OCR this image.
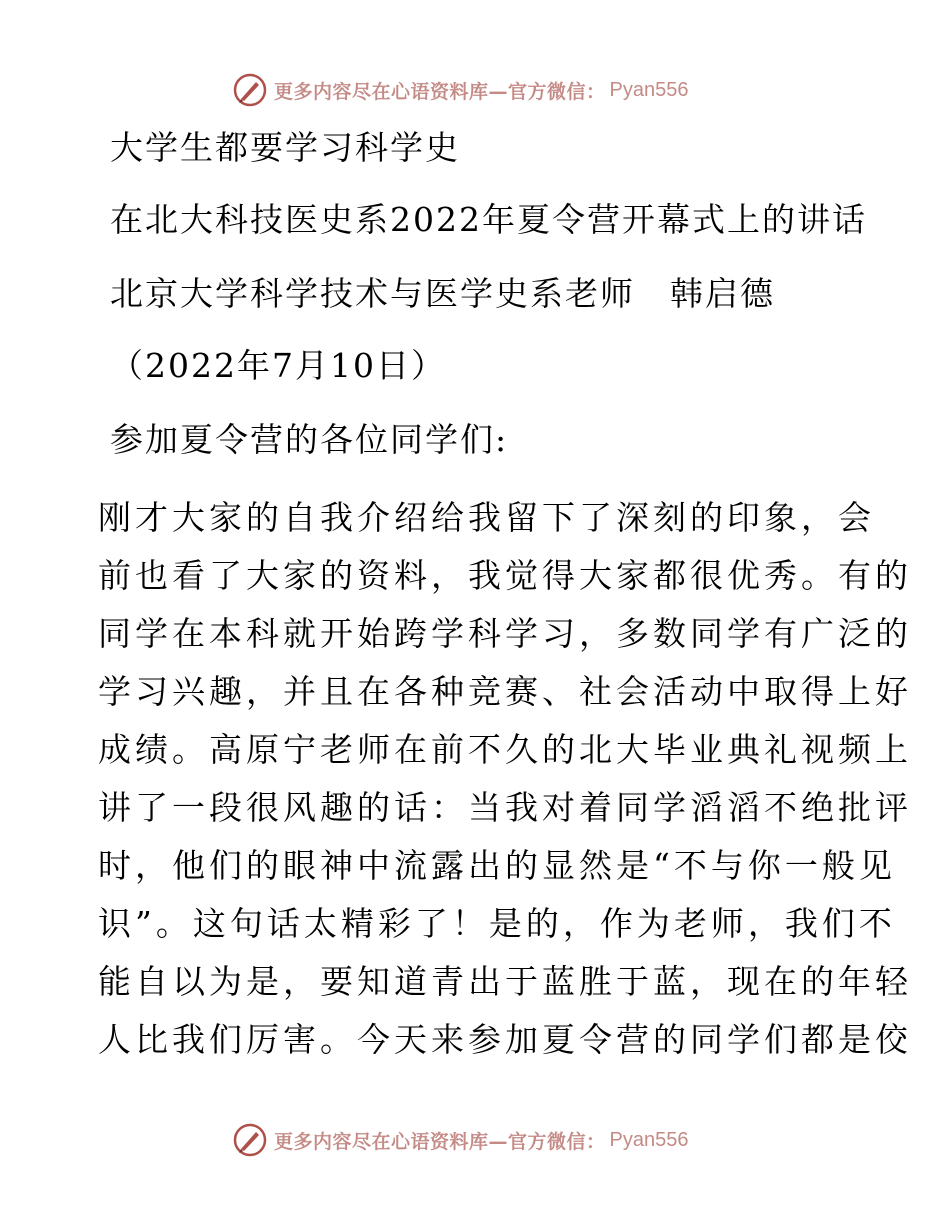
更多内容尽在心语资料库—官方微信： Pyan556
大学生都要学习科学史
在北大科技医史系2022年夏令营开幕式上的讲话
北京大学科学技术与医学史系老师　韩启德
（2022年7月10日）
参加夏令营的各位同学们:
刚才大家的自我介绍给我留下了深刻的印象，会
前也看了大家的资料，我觉得大家都很优秀。有的
同学在本科就开始跨学科学习，多数同学有广泛的
学习兴趣，并且在各种竞赛、社会活动中取得上好
成绩。高原宁老师在前不久的北大毕业典礼视频上
讲了一段很风趣的话：当我对着同学滔滔不绝批评
时，他们的眼神中流露出的显然是“不与你一般见
识”。这句话太精彩了！是的，作为老师，我们不
能自以为是，要知道青出于蓝胜于蓝，现在的年轻
人比我们厉害。今天来参加夏令营的同学们都是佼
更多内容尽在心语资料库—官方微信： Pyan556
